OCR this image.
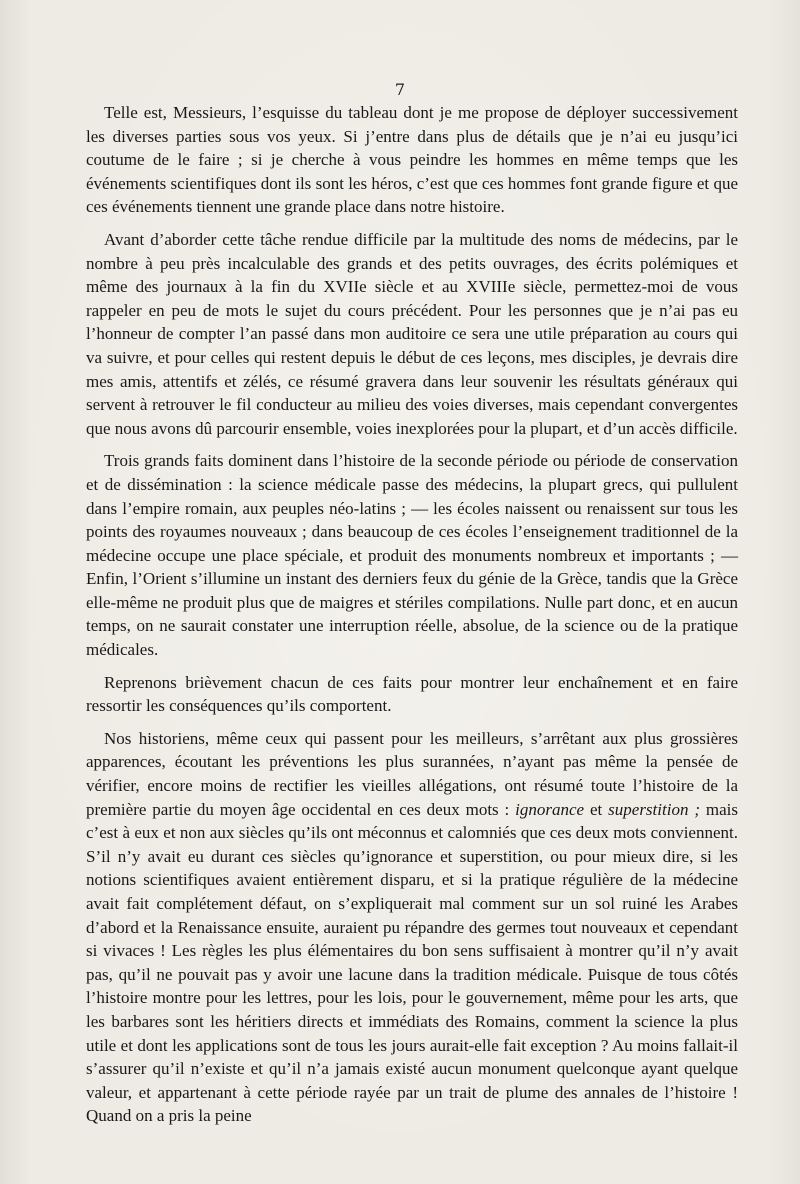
7

Telle est, Messieurs, l’esquisse du tableau dont je me propose de déployer successivement les diverses parties sous vos yeux. Si j’entre dans plus de détails que je n’ai eu jusqu’ici coutume de le faire ; si je cherche à vous peindre les hommes en même temps que les événements scientifiques dont ils sont les héros, c’est que ces hommes font grande figure et que ces événements tiennent une grande place dans notre histoire.

Avant d’aborder cette tâche rendue difficile par la multitude des noms de médecins, par le nombre à peu près incalculable des grands et des petits ouvrages, des écrits polémiques et même des journaux à la fin du XVIIe siècle et au XVIIIe siècle, permettez-moi de vous rappeler en peu de mots le sujet du cours précédent. Pour les personnes que je n’ai pas eu l’honneur de compter l’an passé dans mon auditoire ce sera une utile préparation au cours qui va suivre, et pour celles qui restent depuis le début de ces leçons, mes disciples, je devrais dire mes amis, attentifs et zélés, ce résumé gravera dans leur souvenir les résultats généraux qui servent à retrouver le fil conducteur au milieu des voies diverses, mais cependant convergentes que nous avons dû parcourir ensemble, voies inexplorées pour la plupart, et d’un accès difficile.

Trois grands faits dominent dans l’histoire de la seconde période ou période de conservation et de dissémination : la science médicale passe des médecins, la plupart grecs, qui pullulent dans l’empire romain, aux peuples néo-latins ; — les écoles naissent ou renaissent sur tous les points des royaumes nouveaux ; dans beaucoup de ces écoles l’enseignement traditionnel de la médecine occupe une place spéciale, et produit des monuments nombreux et importants ; — Enfin, l’Orient s’illumine un instant des derniers feux du génie de la Grèce, tandis que la Grèce elle-même ne produit plus que de maigres et stériles compilations. Nulle part donc, et en aucun temps, on ne saurait constater une interruption réelle, absolue, de la science ou de la pratique médicales.

Reprenons brièvement chacun de ces faits pour montrer leur enchaînement et en faire ressortir les conséquences qu’ils comportent.

Nos historiens, même ceux qui passent pour les meilleurs, s’arrêtant aux plus grossières apparences, écoutant les préventions les plus surannées, n’ayant pas même la pensée de vérifier, encore moins de rectifier les vieilles allégations, ont résumé toute l’histoire de la première partie du moyen âge occidental en ces deux mots : ignorance et superstition ; mais c’est à eux et non aux siècles qu’ils ont méconnus et calomniés que ces deux mots conviennent. S’il n’y avait eu durant ces siècles qu’ignorance et superstition, ou pour mieux dire, si les notions scientifiques avaient entièrement disparu, et si la pratique régulière de la médecine avait fait complétement défaut, on s’expliquerait mal comment sur un sol ruiné les Arabes d’abord et la Renaissance ensuite, auraient pu répandre des germes tout nouveaux et cependant si vivaces ! Les règles les plus élémentaires du bon sens suffisaient à montrer qu’il n’y avait pas, qu’il ne pouvait pas y avoir une lacune dans la tradition médicale. Puisque de tous côtés l’histoire montre pour les lettres, pour les lois, pour le gouvernement, même pour les arts, que les barbares sont les héritiers directs et immédiats des Romains, comment la science la plus utile et dont les applications sont de tous les jours aurait-elle fait exception ? Au moins fallait-il s’assurer qu’il n’existe et qu’il n’a jamais existé aucun monument quelconque ayant quelque valeur, et appartenant à cette période rayée par un trait de plume des annales de l’histoire ! Quand on a pris la peine
